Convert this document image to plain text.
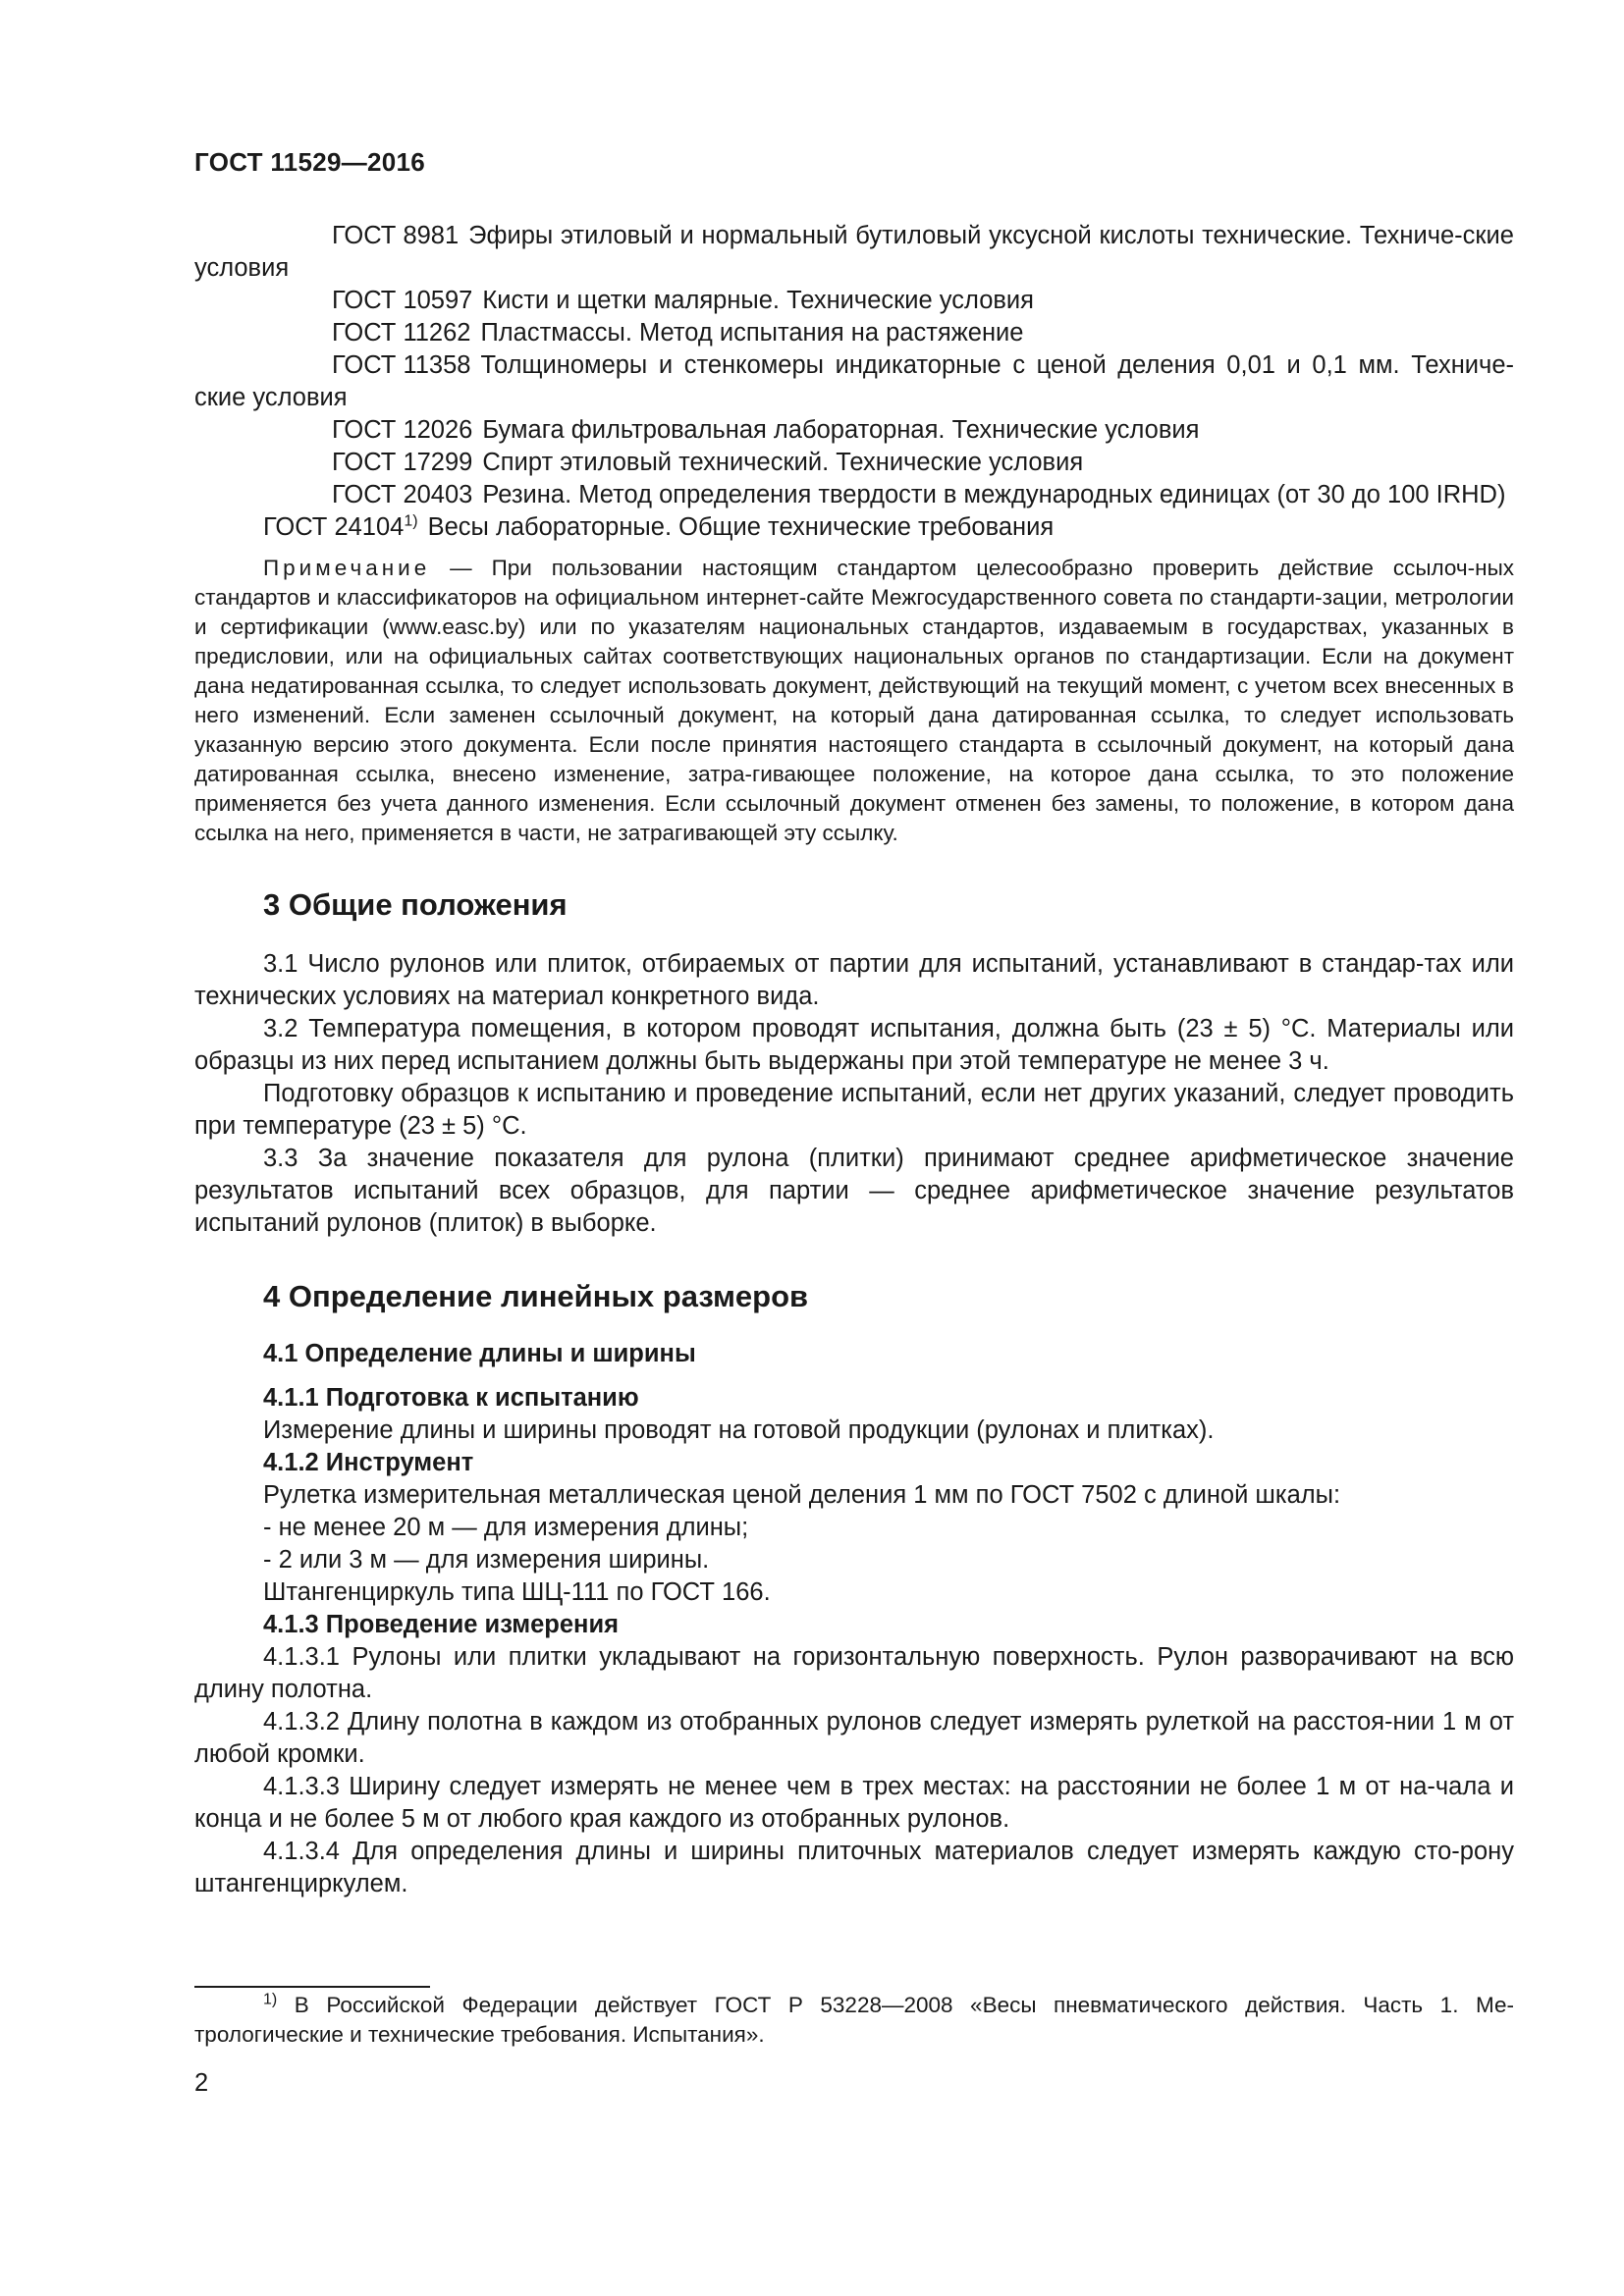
ГОСТ 11529—2016

ГОСТ 8981 Эфиры этиловый и нормальный бутиловый уксусной кислоты технические. Техниче-ские условия

ГОСТ 10597 Кисти и щетки малярные. Технические условия

ГОСТ 11262 Пластмассы. Метод испытания на растяжение

ГОСТ 11358 Толщиномеры и стенкомеры индикаторные с ценой деления 0,01 и 0,1 мм. Техниче-ские условия

ГОСТ 12026 Бумага фильтровальная лабораторная. Технические условия

ГОСТ 17299 Спирт этиловый технический. Технические условия

ГОСТ 20403 Резина. Метод определения твердости в международных единицах (от 30 до 100 IRHD)

ГОСТ 24104$^{1)}$ Весы лабораторные. Общие технические требования

Примечание — При пользовании настоящим стандартом целесообразно проверить действие ссылоч-ных стандартов и классификаторов на официальном интернет-сайте Межгосударственного совета по стандарти-зации, метрологии и сертификации (www.easc.by) или по указателям национальных стандартов, издаваемым в государствах, указанных в предисловии, или на официальных сайтах соответствующих национальных органов по стандартизации. Если на документ дана недатированная ссылка, то следует использовать документ, действующий на текущий момент, с учетом всех внесенных в него изменений. Если заменен ссылочный документ, на который дана датированная ссылка, то следует использовать указанную версию этого документа. Если после принятия настоящего стандарта в ссылочный документ, на который дана датированная ссылка, внесено изменение, затра-гивающее положение, на которое дана ссылка, то это положение применяется без учета данного изменения. Если ссылочный документ отменен без замены, то положение, в котором дана ссылка на него, применяется в части, не затрагивающей эту ссылку.

3 Общие положения

3.1 Число рулонов или плиток, отбираемых от партии для испытаний, устанавливают в стандар-тах или технических условиях на материал конкретного вида.

3.2 Температура помещения, в котором проводят испытания, должна быть (23 ± 5) °С. Материалы или образцы из них перед испытанием должны быть выдержаны при этой температуре не менее 3 ч.

Подготовку образцов к испытанию и проведение испытаний, если нет других указаний, следует проводить при температуре (23 ± 5) °С.

3.3 За значение показателя для рулона (плитки) принимают среднее арифметическое значение результатов испытаний всех образцов, для партии — среднее арифметическое значение результатов испытаний рулонов (плиток) в выборке.

4 Определение линейных размеров
4.1 Определение длины и ширины
4.1.1 Подготовка к испытанию
Измерение длины и ширины проводят на готовой продукции (рулонах и плитках).
4.1.2 Инструмент
Рулетка измерительная металлическая ценой деления 1 мм по ГОСТ 7502 с длиной шкалы:
- не менее 20 м — для измерения длины;
- 2 или 3 м — для измерения ширины.
Штангенциркуль типа ШЦ-111 по ГОСТ 166.
4.1.3 Проведение измерения

4.1.3.1 Рулоны или плитки укладывают на горизонтальную поверхность. Рулон разворачивают на всю длину полотна.

4.1.3.2 Длину полотна в каждом из отобранных рулонов следует измерять рулеткой на расстоя-нии 1 м от любой кромки.

4.1.3.3 Ширину следует измерять не менее чем в трех местах: на расстоянии не более 1 м от на-чала и конца и не более 5 м от любого края каждого из отобранных рулонов.

4.1.3.4 Для определения длины и ширины плиточных материалов следует измерять каждую сто-рону штангенциркулем.

$^{1)}$ В Российской Федерации действует ГОСТ Р 53228—2008 «Весы пневматического действия. Часть 1. Ме-трологические и технические требования. Испытания».
2
